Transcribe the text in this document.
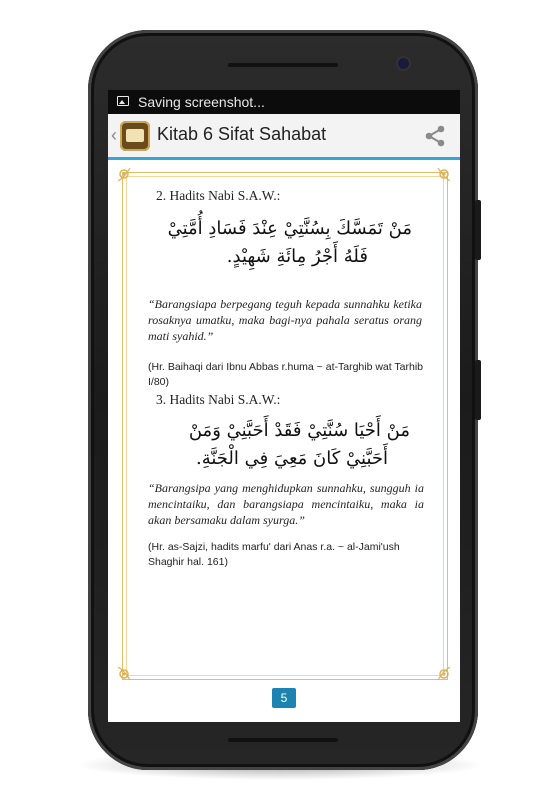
Saving screenshot...
‹ Kitab 6 Sifat Sahabat
2. Hadits Nabi S.A.W.:
مَنْ تَمَسَّكَ بِسُنَّتِيْ عِنْدَ فَسَادِ أُمَّتِيْ
فَلَهُ أَجْرُ مِائَةِ شَهِيْدٍ.
“Barangsiapa berpegang teguh kepada sunnahku ketika rosaknya umatku, maka bagi-nya pahala seratus orang mati syahid.”
(Hr. Baihaqi dari Ibnu Abbas r.huma ~ at-Targhib wat Tarhib I/80)
3. Hadits Nabi S.A.W.:
مَنْ أَحْيَا سُنَّتِيْ فَقَدْ أَحَبَّنِيْ وَمَنْ
أَحَبَّنِيْ كَانَ مَعِيَ فِي الْجَنَّةِ.
“Barangsipa yang menghidupkan sunnahku, sungguh ia mencintaiku, dan barangsiapa mencintaiku, maka ia akan bersamaku dalam syurga.”
(Hr. as-Sajzi, hadits marfu' dari Anas r.a. ~ al-Jami'ush Shaghir hal. 161)
5
